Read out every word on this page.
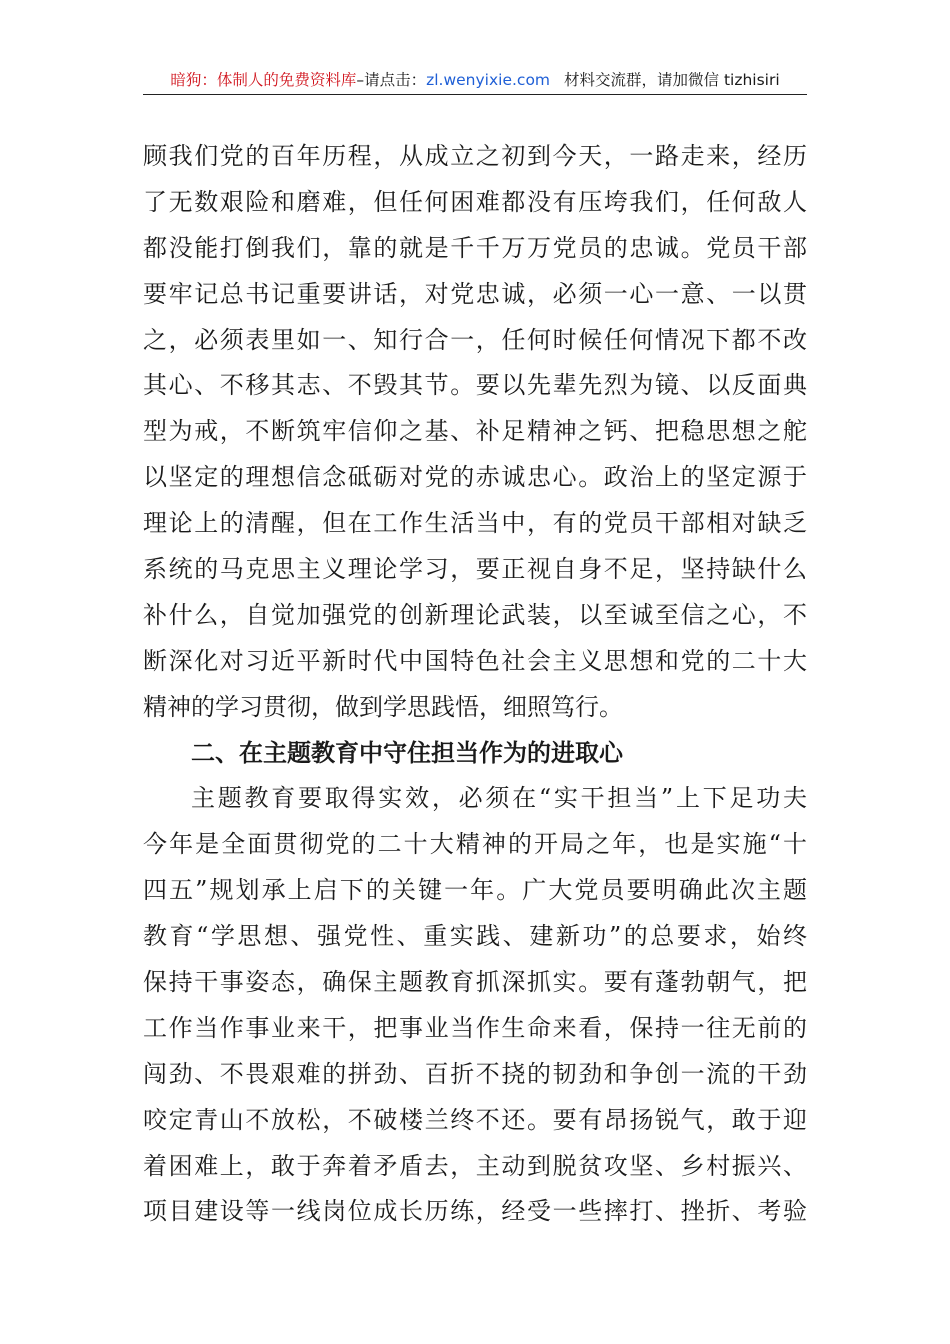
暗狗：体制人的免费资料库–请点击：zl.wenyixie.com 材料交流群，请加微信 tizhisiri
顾我们党的百年历程，从成立之初到今天，一路走来，经历
了无数艰险和磨难，但任何困难都没有压垮我们，任何敌人
都没能打倒我们，靠的就是千千万万党员的忠诚。党员干部
要牢记总书记重要讲话，对党忠诚，必须一心一意、一以贯
之，必须表里如一、知行合一，任何时候任何情况下都不改
其心、不移其志、不毁其节。要以先辈先烈为镜、以反面典
型为戒，不断筑牢信仰之基、补足精神之钙、把稳思想之舵
以坚定的理想信念砥砺对党的赤诚忠心。政治上的坚定源于
理论上的清醒，但在工作生活当中，有的党员干部相对缺乏
系统的马克思主义理论学习，要正视自身不足，坚持缺什么
补什么，自觉加强党的创新理论武装，以至诚至信之心，不
断深化对习近平新时代中国特色社会主义思想和党的二十大
精神的学习贯彻，做到学思践悟，细照笃行。
二、在主题教育中守住担当作为的进取心
主题教育要取得实效，必须在“实干担当”上下足功夫
今年是全面贯彻党的二十大精神的开局之年，也是实施“十
四五”规划承上启下的关键一年。广大党员要明确此次主题
教育“学思想、强党性、重实践、建新功”的总要求，始终
保持干事姿态，确保主题教育抓深抓实。要有蓬勃朝气，把
工作当作事业来干，把事业当作生命来看，保持一往无前的
闯劲、不畏艰难的拼劲、百折不挠的韧劲和争创一流的干劲
咬定青山不放松，不破楼兰终不还。要有昂扬锐气，敢于迎
着困难上，敢于奔着矛盾去，主动到脱贫攻坚、乡村振兴、
项目建设等一线岗位成长历练，经受一些摔打、挫折、考验
